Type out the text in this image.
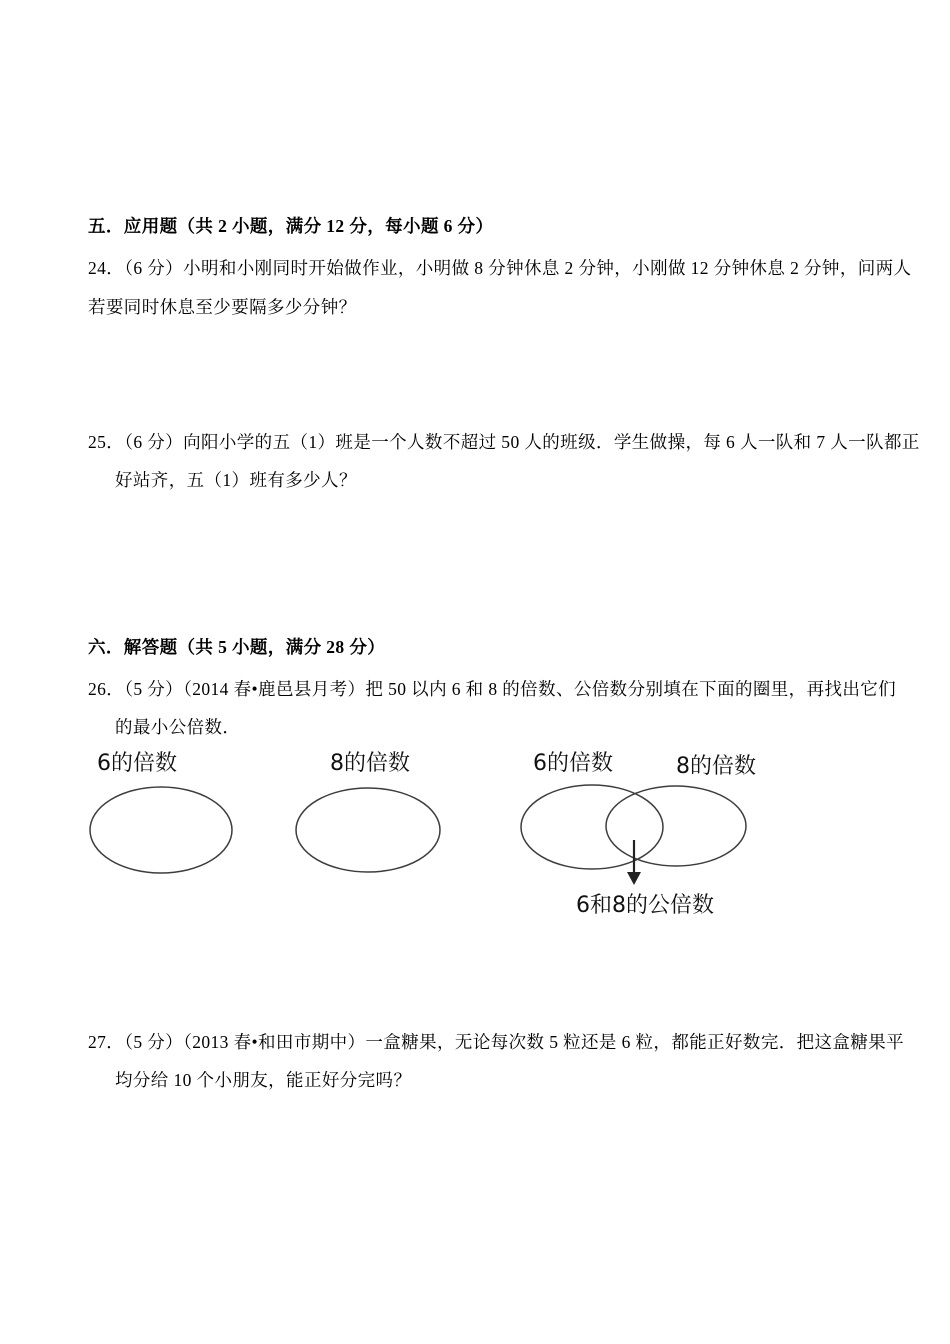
五．应用题（共 2 小题，满分 12 分，每小题 6 分）
24．（6 分）小明和小刚同时开始做作业，小明做 8 分钟休息 2 分钟，小刚做 12 分钟休息 2 分钟，问两人
若要同时休息至少要隔多少分钟？
25．（6 分）向阳小学的五（1）班是一个人数不超过 50 人的班级．学生做操，每 6 人一队和 7 人一队都正
好站齐，五（1）班有多少人？
六．解答题（共 5 小题，满分 28 分）
26．（5 分）（2014 春•鹿邑县月考）把 50 以内 6 和 8 的倍数、公倍数分别填在下面的圈里，再找出它们
的最小公倍数．
6的倍数	8的倍数	6的倍数	8的倍数
6和8的公倍数
27．（5 分）（2013 春•和田市期中）一盒糖果，无论每次数 5 粒还是 6 粒，都能正好数完．把这盒糖果平
均分给 10 个小朋友，能正好分完吗？
